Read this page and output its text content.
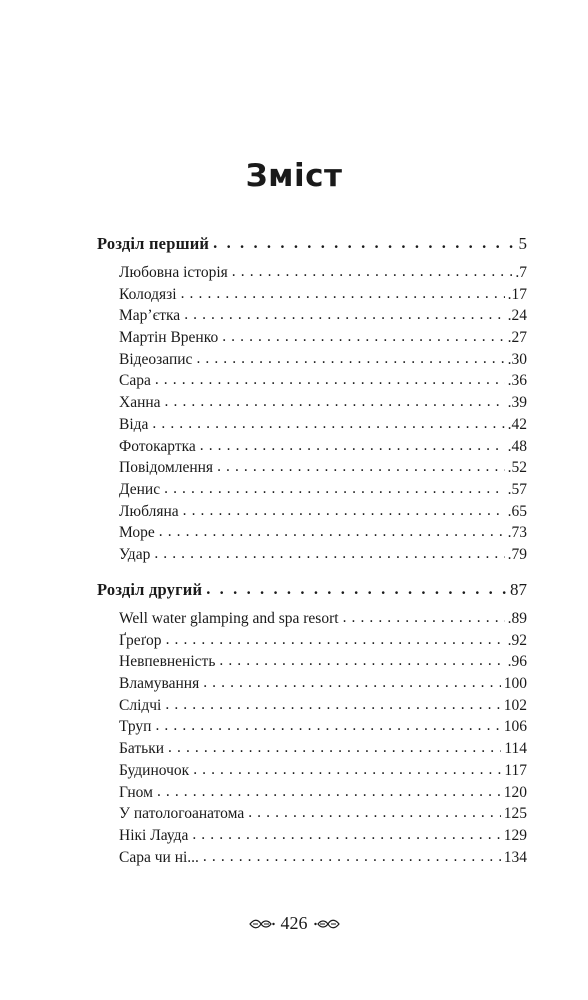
Зміст
Розділ перший . . .	5
Любовна історія . . .	.7
Колодязі . . .	.17
Мар’єтка . . .	.24
Мартін Вренко . . .	.27
Відеозапис . . .	.30
Сара . . .	.36
Ханна . . .	.39
Віда . . .	.42
Фотокартка . . .	.48
Повідомлення . . .	.52
Денис . . .	.57
Любляна . . .	.65
Море . . .	.73
Удар . . .	.79
Розділ другий . . .	87
Well water glamping and spa resort . . .	.89
Ґреґор . . .	.92
Невпевненість . . .	.96
Вламування . . .	100
Слідчі . . .	102
Труп . . .	106
Батьки . . .	114
Будиночок . . .	117
Гном . . .	120
У патологоанатома . . .	125
Нікі Лауда . . .	129
Сара чи ні... . . .	134
426
